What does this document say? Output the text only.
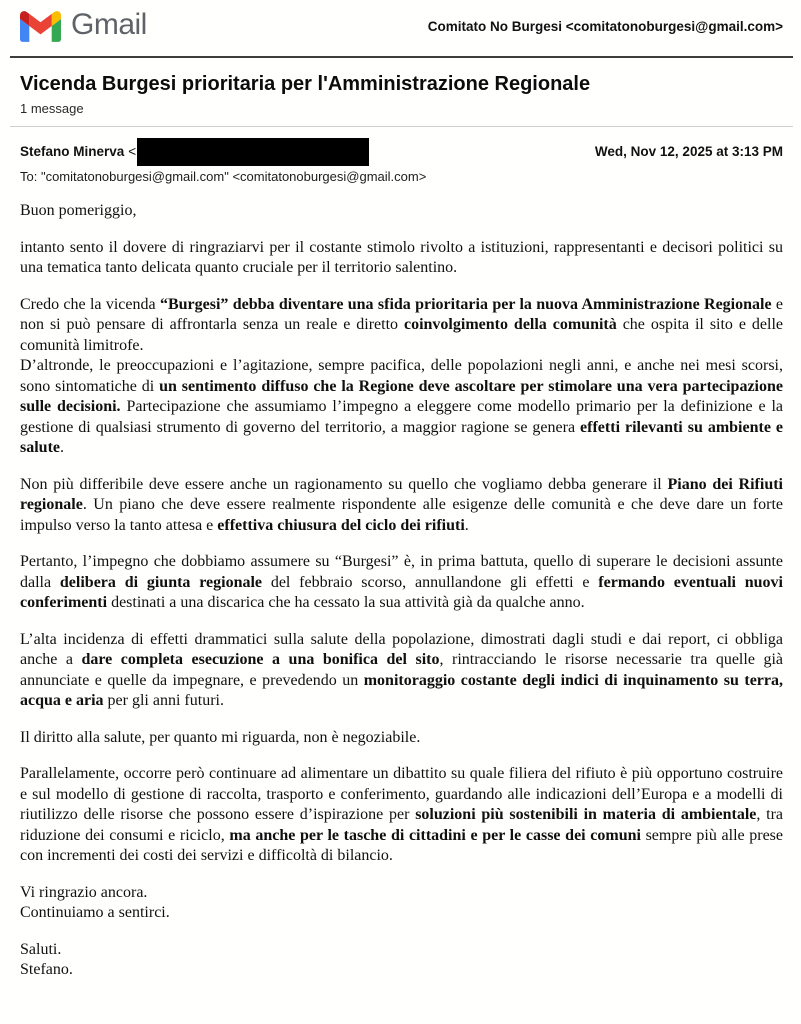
Gmail	Comitato No Burgesi <comitatonoburgesi@gmail.com>
Vicenda Burgesi prioritaria per l'Amministrazione Regionale
1 message
Stefano Minerva <	Wed, Nov 12, 2025 at 3:13 PM
To: "comitatonoburgesi@gmail.com" <comitatonoburgesi@gmail.com>

Buon pomeriggio,

intanto sento il dovere di ringraziarvi per il costante stimolo rivolto a istituzioni, rappresentanti e decisori politici su una tematica tanto delicata quanto cruciale per il territorio salentino.

Credo che la vicenda “Burgesi” debba diventare una sfida prioritaria per la nuova Amministrazione Regionale e non si può pensare di affrontarla senza un reale e diretto coinvolgimento della comunità che ospita il sito e delle comunità limitrofe.
D’altronde, le preoccupazioni e l’agitazione, sempre pacifica, delle popolazioni negli anni, e anche nei mesi scorsi, sono sintomatiche di un sentimento diffuso che la Regione deve ascoltare per stimolare una vera partecipazione sulle decisioni. Partecipazione che assumiamo l’impegno a eleggere come modello primario per la definizione e la gestione di qualsiasi strumento di governo del territorio, a maggior ragione se genera effetti rilevanti su ambiente e salute.

Non più differibile deve essere anche un ragionamento su quello che vogliamo debba generare il Piano dei Rifiuti regionale. Un piano che deve essere realmente rispondente alle esigenze delle comunità e che deve dare un forte impulso verso la tanto attesa e effettiva chiusura del ciclo dei rifiuti.

Pertanto, l’impegno che dobbiamo assumere su “Burgesi” è, in prima battuta, quello di superare le decisioni assunte dalla delibera di giunta regionale del febbraio scorso, annullandone gli effetti e fermando eventuali nuovi conferimenti destinati a una discarica che ha cessato la sua attività già da qualche anno.

L’alta incidenza di effetti drammatici sulla salute della popolazione, dimostrati dagli studi e dai report, ci obbliga anche a dare completa esecuzione a una bonifica del sito, rintracciando le risorse necessarie tra quelle già annunciate e quelle da impegnare, e prevedendo un monitoraggio costante degli indici di inquinamento su terra, acqua e aria per gli anni futuri.

Il diritto alla salute, per quanto mi riguarda, non è negoziabile.

Parallelamente, occorre però continuare ad alimentare un dibattito su quale filiera del rifiuto è più opportuno costruire e sul modello di gestione di raccolta, trasporto e conferimento, guardando alle indicazioni dell’Europa e a modelli di riutilizzo delle risorse che possono essere d’ispirazione per soluzioni più sostenibili in materia di ambientale, tra riduzione dei consumi e riciclo, ma anche per le tasche di cittadini e per le casse dei comuni sempre più alle prese con incrementi dei costi dei servizi e difficoltà di bilancio.

Vi ringrazio ancora.
Continuiamo a sentirci.

Saluti.
Stefano.
